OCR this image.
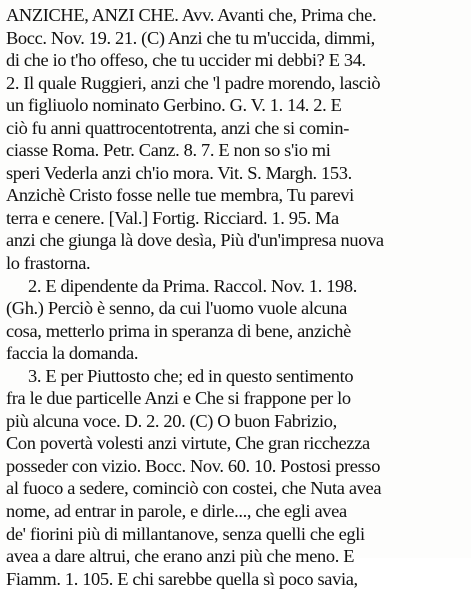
ANZICHE, ANZI CHE. Avv. Avanti che, Prima che.
Bocc. Nov. 19. 21. (C) Anzi che tu m'uccida, dimmi,
di che io t'ho offeso, che tu uccider mi debbi? E 34.
2. Il quale Ruggieri, anzi che 'l padre morendo, lasciò
un figliuolo nominato Gerbino. G. V. 1. 14. 2. E
ciò fu anni quattrocentotrenta, anzi che si comin-
ciasse Roma. Petr. Canz. 8. 7. E non so s'io mi
speri Vederla anzi ch'io mora. Vit. S. Margh. 153.
Anzichè Cristo fosse nelle tue membra, Tu parevi
terra e cenere. [Val.] Fortig. Ricciard. 1. 95. Ma
anzi che giunga là dove desìa, Più d'un'impresa nuova
lo frastorna.
2. E dipendente da Prima. Raccol. Nov. 1. 198.
(Gh.) Perciò è senno, da cui l'uomo vuole alcuna
cosa, metterlo prima in speranza di bene, anzichè
faccia la domanda.
3. E per Piuttosto che; ed in questo sentimento
fra le due particelle Anzi e Che si frappone per lo
più alcuna voce. D. 2. 20. (C) O buon Fabrizio,
Con povertà volesti anzi virtute, Che gran ricchezza
posseder con vizio. Bocc. Nov. 60. 10. Postosi presso
al fuoco a sedere, cominciò con costei, che Nuta avea
nome, ad entrar in parole, e dirle..., che egli avea
de' fiorini più di millantanove, senza quelli che egli
avea a dare altrui, che erano anzi più che meno. E
Fiamm. 1. 105. E chi sarebbe quella sì poco savia,
